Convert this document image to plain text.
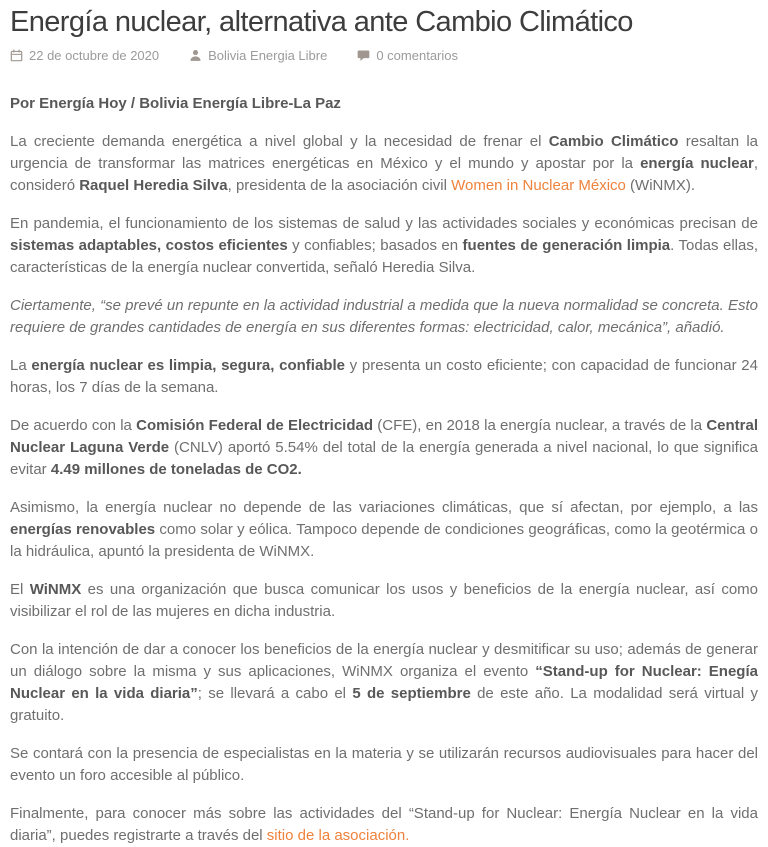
Energía nuclear, alternativa ante Cambio Climático
22 de octubre de 2020	Bolivia Energia Libre	0 comentarios

Por Energía Hoy / Bolivia Energía Libre-La Paz

La creciente demanda energética a nivel global y la necesidad de frenar el Cambio Climático resaltan la urgencia de transformar las matrices energéticas en México y el mundo y apostar por la energía nuclear, consideró Raquel Heredia Silva, presidenta de la asociación civil Women in Nuclear México (WiNMX).

En pandemia, el funcionamiento de los sistemas de salud y las actividades sociales y económicas precisan de sistemas adaptables, costos eficientes y confiables; basados en fuentes de generación limpia. Todas ellas, características de la energía nuclear convertida, señaló Heredia Silva.

Ciertamente, “se prevé un repunte en la actividad industrial a medida que la nueva normalidad se concreta. Esto requiere de grandes cantidades de energía en sus diferentes formas: electricidad, calor, mecánica”, añadió.

La energía nuclear es limpia, segura, confiable y presenta un costo eficiente; con capacidad de funcionar 24 horas, los 7 días de la semana.

De acuerdo con la Comisión Federal de Electricidad (CFE), en 2018 la energía nuclear, a través de la Central Nuclear Laguna Verde (CNLV) aportó 5.54% del total de la energía generada a nivel nacional, lo que significa evitar 4.49 millones de toneladas de CO2.

Asimismo, la energía nuclear no depende de las variaciones climáticas, que sí afectan, por ejemplo, a las energías renovables como solar y eólica. Tampoco depende de condiciones geográficas, como la geotérmica o la hidráulica, apuntó la presidenta de WiNMX.

El WiNMX es una organización que busca comunicar los usos y beneficios de la energía nuclear, así como visibilizar el rol de las mujeres en dicha industria.

Con la intención de dar a conocer los beneficios de la energía nuclear y desmitificar su uso; además de generar un diálogo sobre la misma y sus aplicaciones, WiNMX organiza el evento “Stand-up for Nuclear: Enegía Nuclear en la vida diaria”; se llevará a cabo el 5 de septiembre de este año. La modalidad será virtual y gratuito.

Se contará con la presencia de especialistas en la materia y se utilizarán recursos audiovisuales para hacer del evento un foro accesible al público.

Finalmente, para conocer más sobre las actividades del “Stand-up for Nuclear: Energía Nuclear en la vida diaria”, puedes registrarte a través del sitio de la asociación.
